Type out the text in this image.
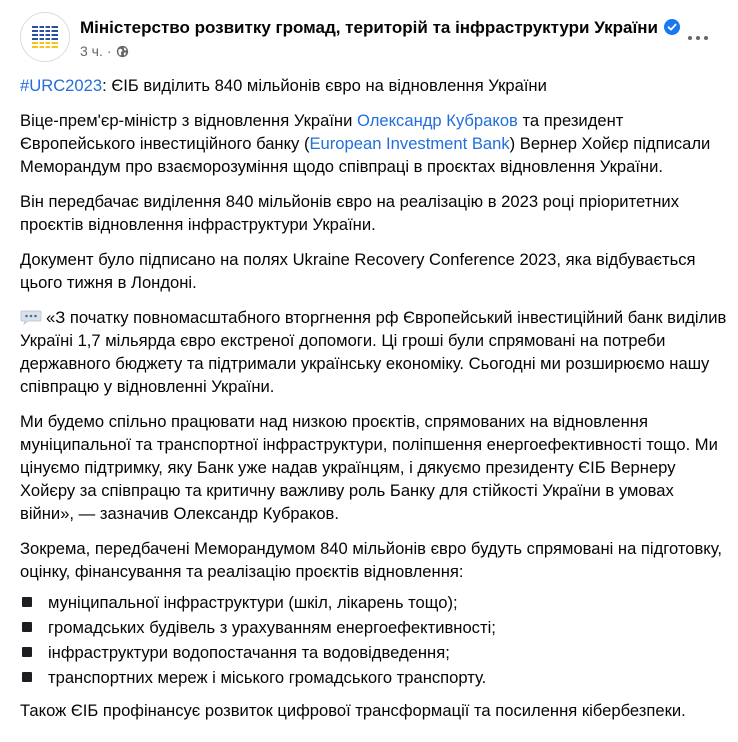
Міністерство розвитку громад, територій та інфраструктури України
3 ч. ·

#URC2023: ЄІБ виділить 840 мільйонів євро на відновлення України

Віце-прем'єр-міністр з відновлення України Олександр Кубраков та президент Європейського інвестиційного банку (European Investment Bank) Вернер Хойєр підписали Меморандум про взаєморозуміння щодо співпраці в проєктах відновлення України.

Він передбачає виділення 840 мільйонів євро на реалізацію в 2023 році пріоритетних проєктів відновлення інфраструктури України.

Документ було підписано на полях Ukraine Recovery Conference 2023, яка відбувається цього тижня в Лондоні.

«З початку повномасштабного вторгнення рф Європейський інвестиційний банк виділив Україні 1,7 мільярда євро екстреної допомоги. Ці гроші були спрямовані на потреби державного бюджету та підтримали українську економіку. Сьогодні ми розширюємо нашу співпрацю у відновленні України.

Ми будемо спільно працювати над низкою проєктів, спрямованих на відновлення муніципальної та транспортної інфраструктури, поліпшення енергоефективності тощо. Ми цінуємо підтримку, яку Банк уже надав українцям, і дякуємо президенту ЄІБ Вернеру Хойєру за співпрацю та критичну важливу роль Банку для стійкості України в умовах війни», — зазначив Олександр Кубраков.

Зокрема, передбачені Меморандумом 840 мільйонів євро будуть спрямовані на підготовку, оцінку, фінансування та реалізацію проєктів відновлення:

муніципальної інфраструктури (шкіл, лікарень тощо);
громадських будівель з урахуванням енергоефективності;
інфраструктури водопостачання та водовідведення;
транспортних мереж і міського громадського транспорту.

Також ЄІБ профінансує розвиток цифрової трансформації та посилення кібербезпеки.
